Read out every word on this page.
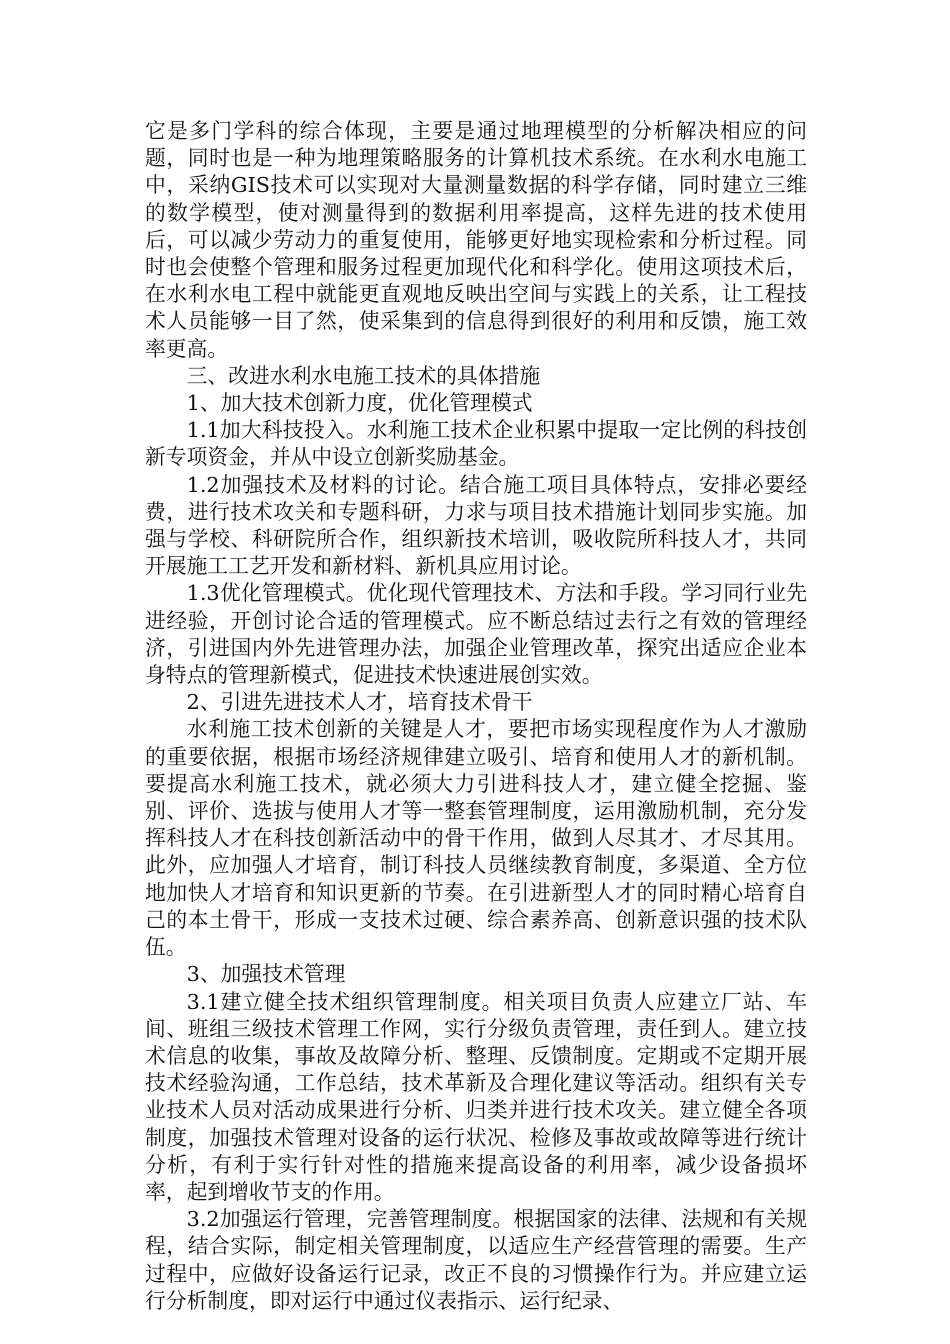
它是多门学科的综合体现，主要是通过地理模型的分析解决相应的问题，同时也是一种为地理策略服务的计算机技术系统。在水利水电施工中，采纳GIS技术可以实现对大量测量数据的科学存储，同时建立三维的数学模型，使对测量得到的数据利用率提高，这样先进的技术使用后，可以减少劳动力的重复使用，能够更好地实现检索和分析过程。同时也会使整个管理和服务过程更加现代化和科学化。使用这项技术后，在水利水电工程中就能更直观地反映出空间与实践上的关系，让工程技术人员能够一目了然，使采集到的信息得到很好的利用和反馈，施工效率更高。

三、改进水利水电施工技术的具体措施

1、加大技术创新力度，优化管理模式

1.1加大科技投入。水利施工技术企业积累中提取一定比例的科技创新专项资金，并从中设立创新奖励基金。

1.2加强技术及材料的讨论。结合施工项目具体特点，安排必要经费，进行技术攻关和专题科研，力求与项目技术措施计划同步实施。加强与学校、科研院所合作，组织新技术培训，吸收院所科技人才，共同开展施工工艺开发和新材料、新机具应用讨论。

1.3优化管理模式。优化现代管理技术、方法和手段。学习同行业先进经验，开创讨论合适的管理模式。应不断总结过去行之有效的管理经济，引进国内外先进管理办法，加强企业管理改革，探究出适应企业本身特点的管理新模式，促进技术快速进展创实效。

2、引进先进技术人才，培育技术骨干

水利施工技术创新的关键是人才，要把市场实现程度作为人才激励的重要依据，根据市场经济规律建立吸引、培育和使用人才的新机制。要提高水利施工技术，就必须大力引进科技人才，建立健全挖掘、鉴别、评价、选拔与使用人才等一整套管理制度，运用激励机制，充分发挥科技人才在科技创新活动中的骨干作用，做到人尽其才、才尽其用。此外，应加强人才培育，制订科技人员继续教育制度，多渠道、全方位地加快人才培育和知识更新的节奏。在引进新型人才的同时精心培育自己的本土骨干，形成一支技术过硬、综合素养高、创新意识强的技术队伍。

3、加强技术管理

3.1建立健全技术组织管理制度。相关项目负责人应建立厂站、车间、班组三级技术管理工作网，实行分级负责管理，责任到人。建立技术信息的收集，事故及故障分析、整理、反馈制度。定期或不定期开展技术经验沟通，工作总结，技术革新及合理化建议等活动。组织有关专业技术人员对活动成果进行分析、归类并进行技术攻关。建立健全各项制度，加强技术管理对设备的运行状况、检修及事故或故障等进行统计分析，有利于实行针对性的措施来提高设备的利用率，减少设备损坏率，起到增收节支的作用。

3.2加强运行管理，完善管理制度。根据国家的法律、法规和有关规程，结合实际，制定相关管理制度，以适应生产经营管理的需要。生产过程中，应做好设备运行记录，改正不良的习惯操作行为。并应建立运行分析制度，即对运行中通过仪表指示、运行纪录、
